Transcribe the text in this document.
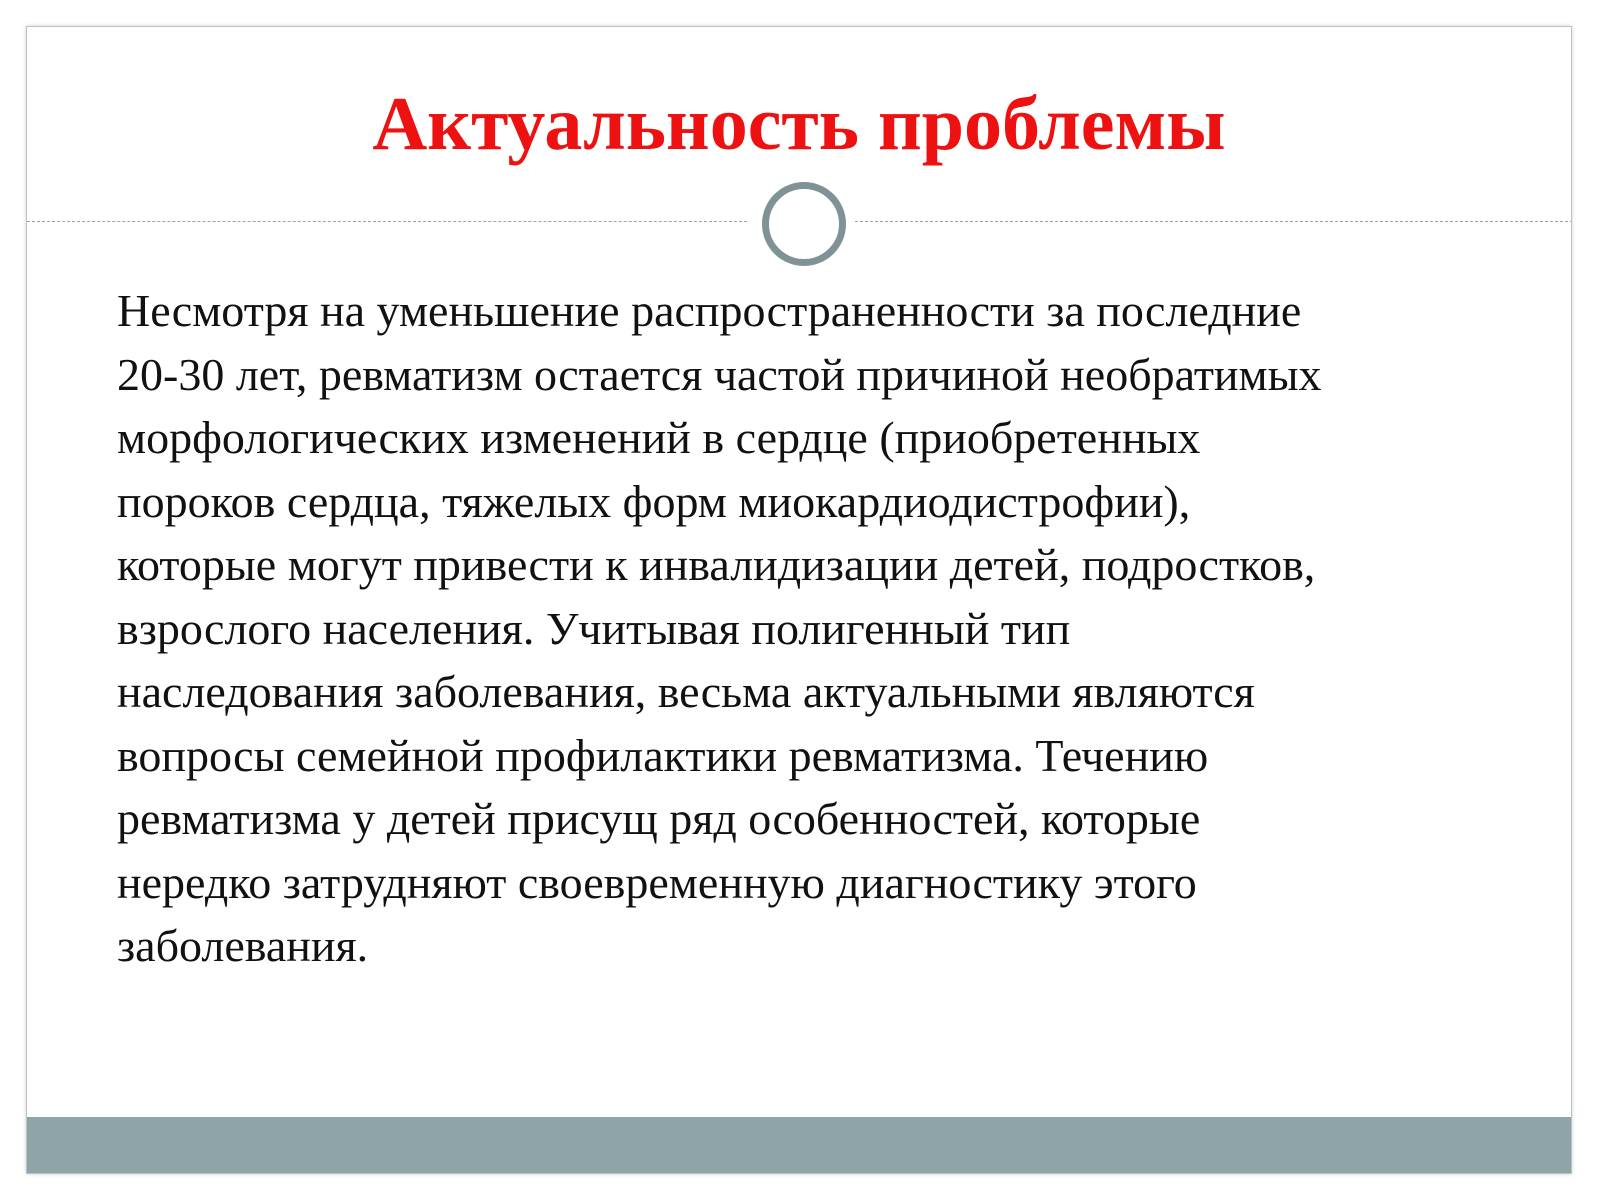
Актуальность проблемы

Несмотря на уменьшение распространенности за последние
20-30 лет, ревматизм остается частой причиной необратимых
морфологических изменений в сердце (приобретенных
пороков сердца, тяжелых форм миокардиодистрофии),
которые могут привести к инвалидизации детей, подростков,
взрослого населения. Учитывая полигенный тип
наследования заболевания, весьма актуальными являются
вопросы семейной профилактики ревматизма. Течению
ревматизма у детей присущ ряд особенностей, которые
нередко затрудняют своевременную диагностику этого
заболевания.
